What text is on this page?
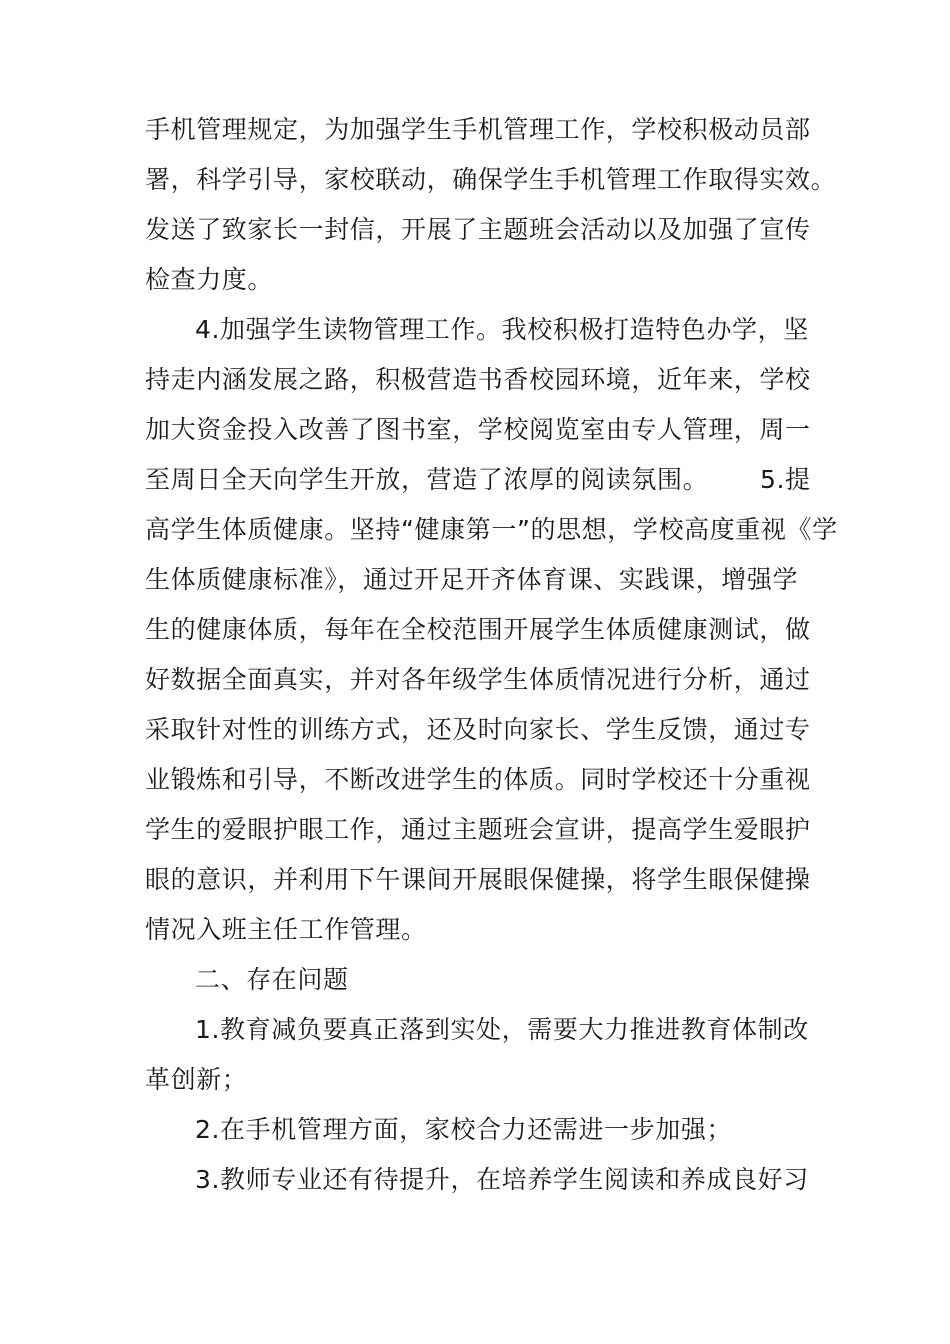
手机管理规定，为加强学生手机管理工作，学校积极动员部
署，科学引导，家校联动，确保学生手机管理工作取得实效。
发送了致家长一封信，开展了主题班会活动以及加强了宣传
检查力度。
4.加强学生读物管理工作。我校积极打造特色办学，坚
持走内涵发展之路，积极营造书香校园环境，近年来，学校
加大资金投入改善了图书室，学校阅览室由专人管理，周一
至周日全天向学生开放，营造了浓厚的阅读氛围。 5.提
高学生体质健康。坚持“健康第一”的思想，学校高度重视《学
生体质健康标准》，通过开足开齐体育课、实践课，增强学
生的健康体质，每年在全校范围开展学生体质健康测试，做
好数据全面真实，并对各年级学生体质情况进行分析，通过
采取针对性的训练方式，还及时向家长、学生反馈，通过专
业锻炼和引导，不断改进学生的体质。同时学校还十分重视
学生的爱眼护眼工作，通过主题班会宣讲，提高学生爱眼护
眼的意识，并利用下午课间开展眼保健操，将学生眼保健操
情况入班主任工作管理。
二、存在问题
1.教育减负要真正落到实处，需要大力推进教育体制改
革创新；
2.在手机管理方面，家校合力还需进一步加强；
3.教师专业还有待提升，在培养学生阅读和养成良好习
